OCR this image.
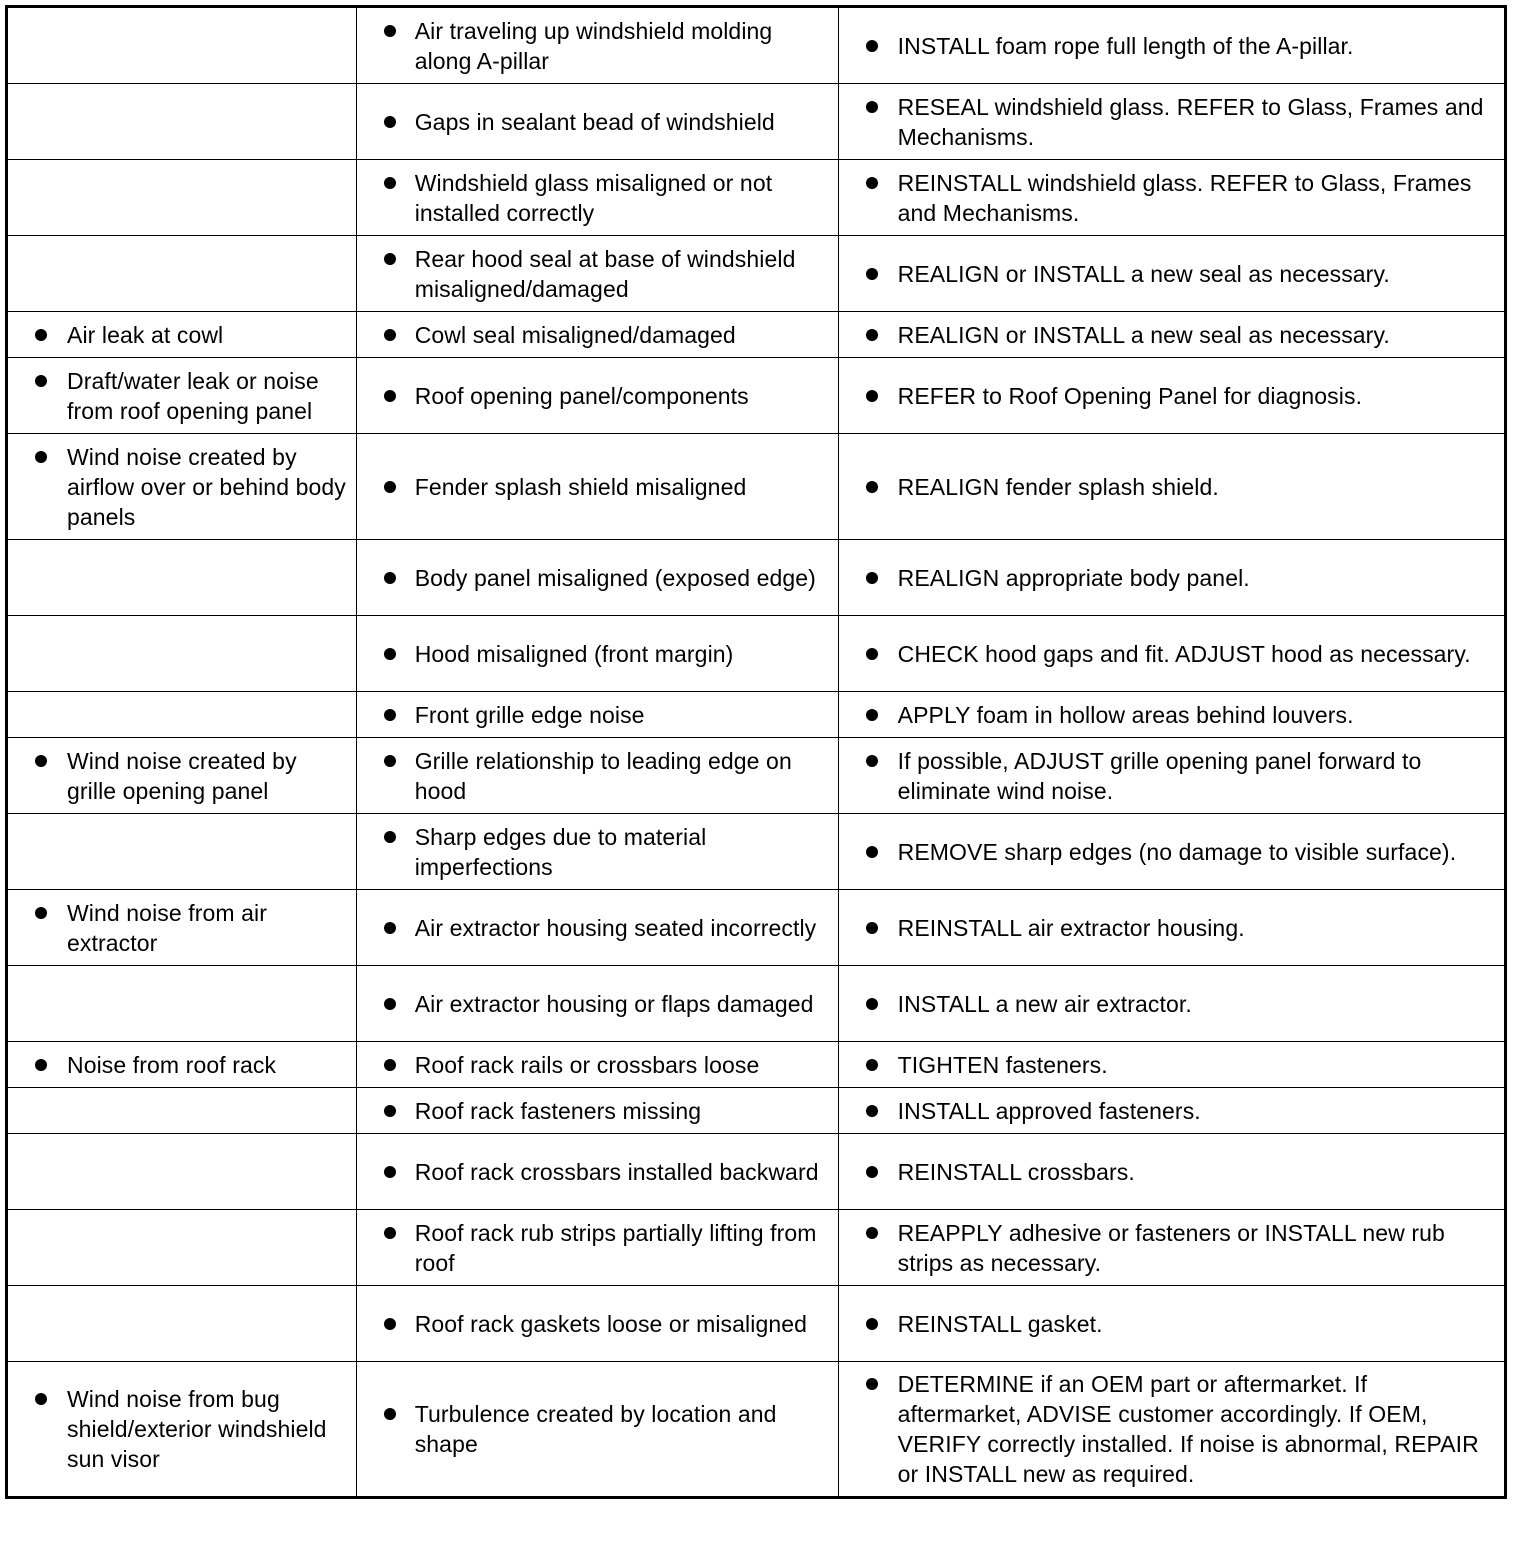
	Air traveling up windshield molding along A-pillar	INSTALL foam rope full length of the A-pillar.

	Gaps in sealant bead of windshield	RESEAL windshield glass. REFER to Glass, Frames and Mechanisms.

	Windshield glass misaligned or not installed correctly	REINSTALL windshield glass. REFER to Glass, Frames and Mechanisms.

	Rear hood seal at base of windshield misaligned/damaged	REALIGN or INSTALL a new seal as necessary.

Air leak at cowl	Cowl seal misaligned/damaged	REALIGN or INSTALL a new seal as necessary.

Draft/water leak or noise from roof opening panel	Roof opening panel/components	REFER to Roof Opening Panel for diagnosis.

Wind noise created by airflow over or behind body panels	Fender splash shield misaligned	REALIGN fender splash shield.

	Body panel misaligned (exposed edge)	REALIGN appropriate body panel.

	Hood misaligned (front margin)	CHECK hood gaps and fit. ADJUST hood as necessary.

	Front grille edge noise	APPLY foam in hollow areas behind louvers.

Wind noise created by grille opening panel	Grille relationship to leading edge on hood	If possible, ADJUST grille opening panel forward to eliminate wind noise.

	Sharp edges due to material imperfections	REMOVE sharp edges (no damage to visible surface).

Wind noise from air extractor	Air extractor housing seated incorrectly	REINSTALL air extractor housing.

	Air extractor housing or flaps damaged	INSTALL a new air extractor.

Noise from roof rack	Roof rack rails or crossbars loose	TIGHTEN fasteners.

	Roof rack fasteners missing	INSTALL approved fasteners.

	Roof rack crossbars installed backward	REINSTALL crossbars.

	Roof rack rub strips partially lifting from roof	REAPPLY adhesive or fasteners or INSTALL new rub strips as necessary.

	Roof rack gaskets loose or misaligned	REINSTALL gasket.

Wind noise from bug shield/exterior windshield sun visor	Turbulence created by location and shape	DETERMINE if an OEM part or aftermarket. If aftermarket, ADVISE customer accordingly. If OEM, VERIFY correctly installed. If noise is abnormal, REPAIR or INSTALL new as required.
